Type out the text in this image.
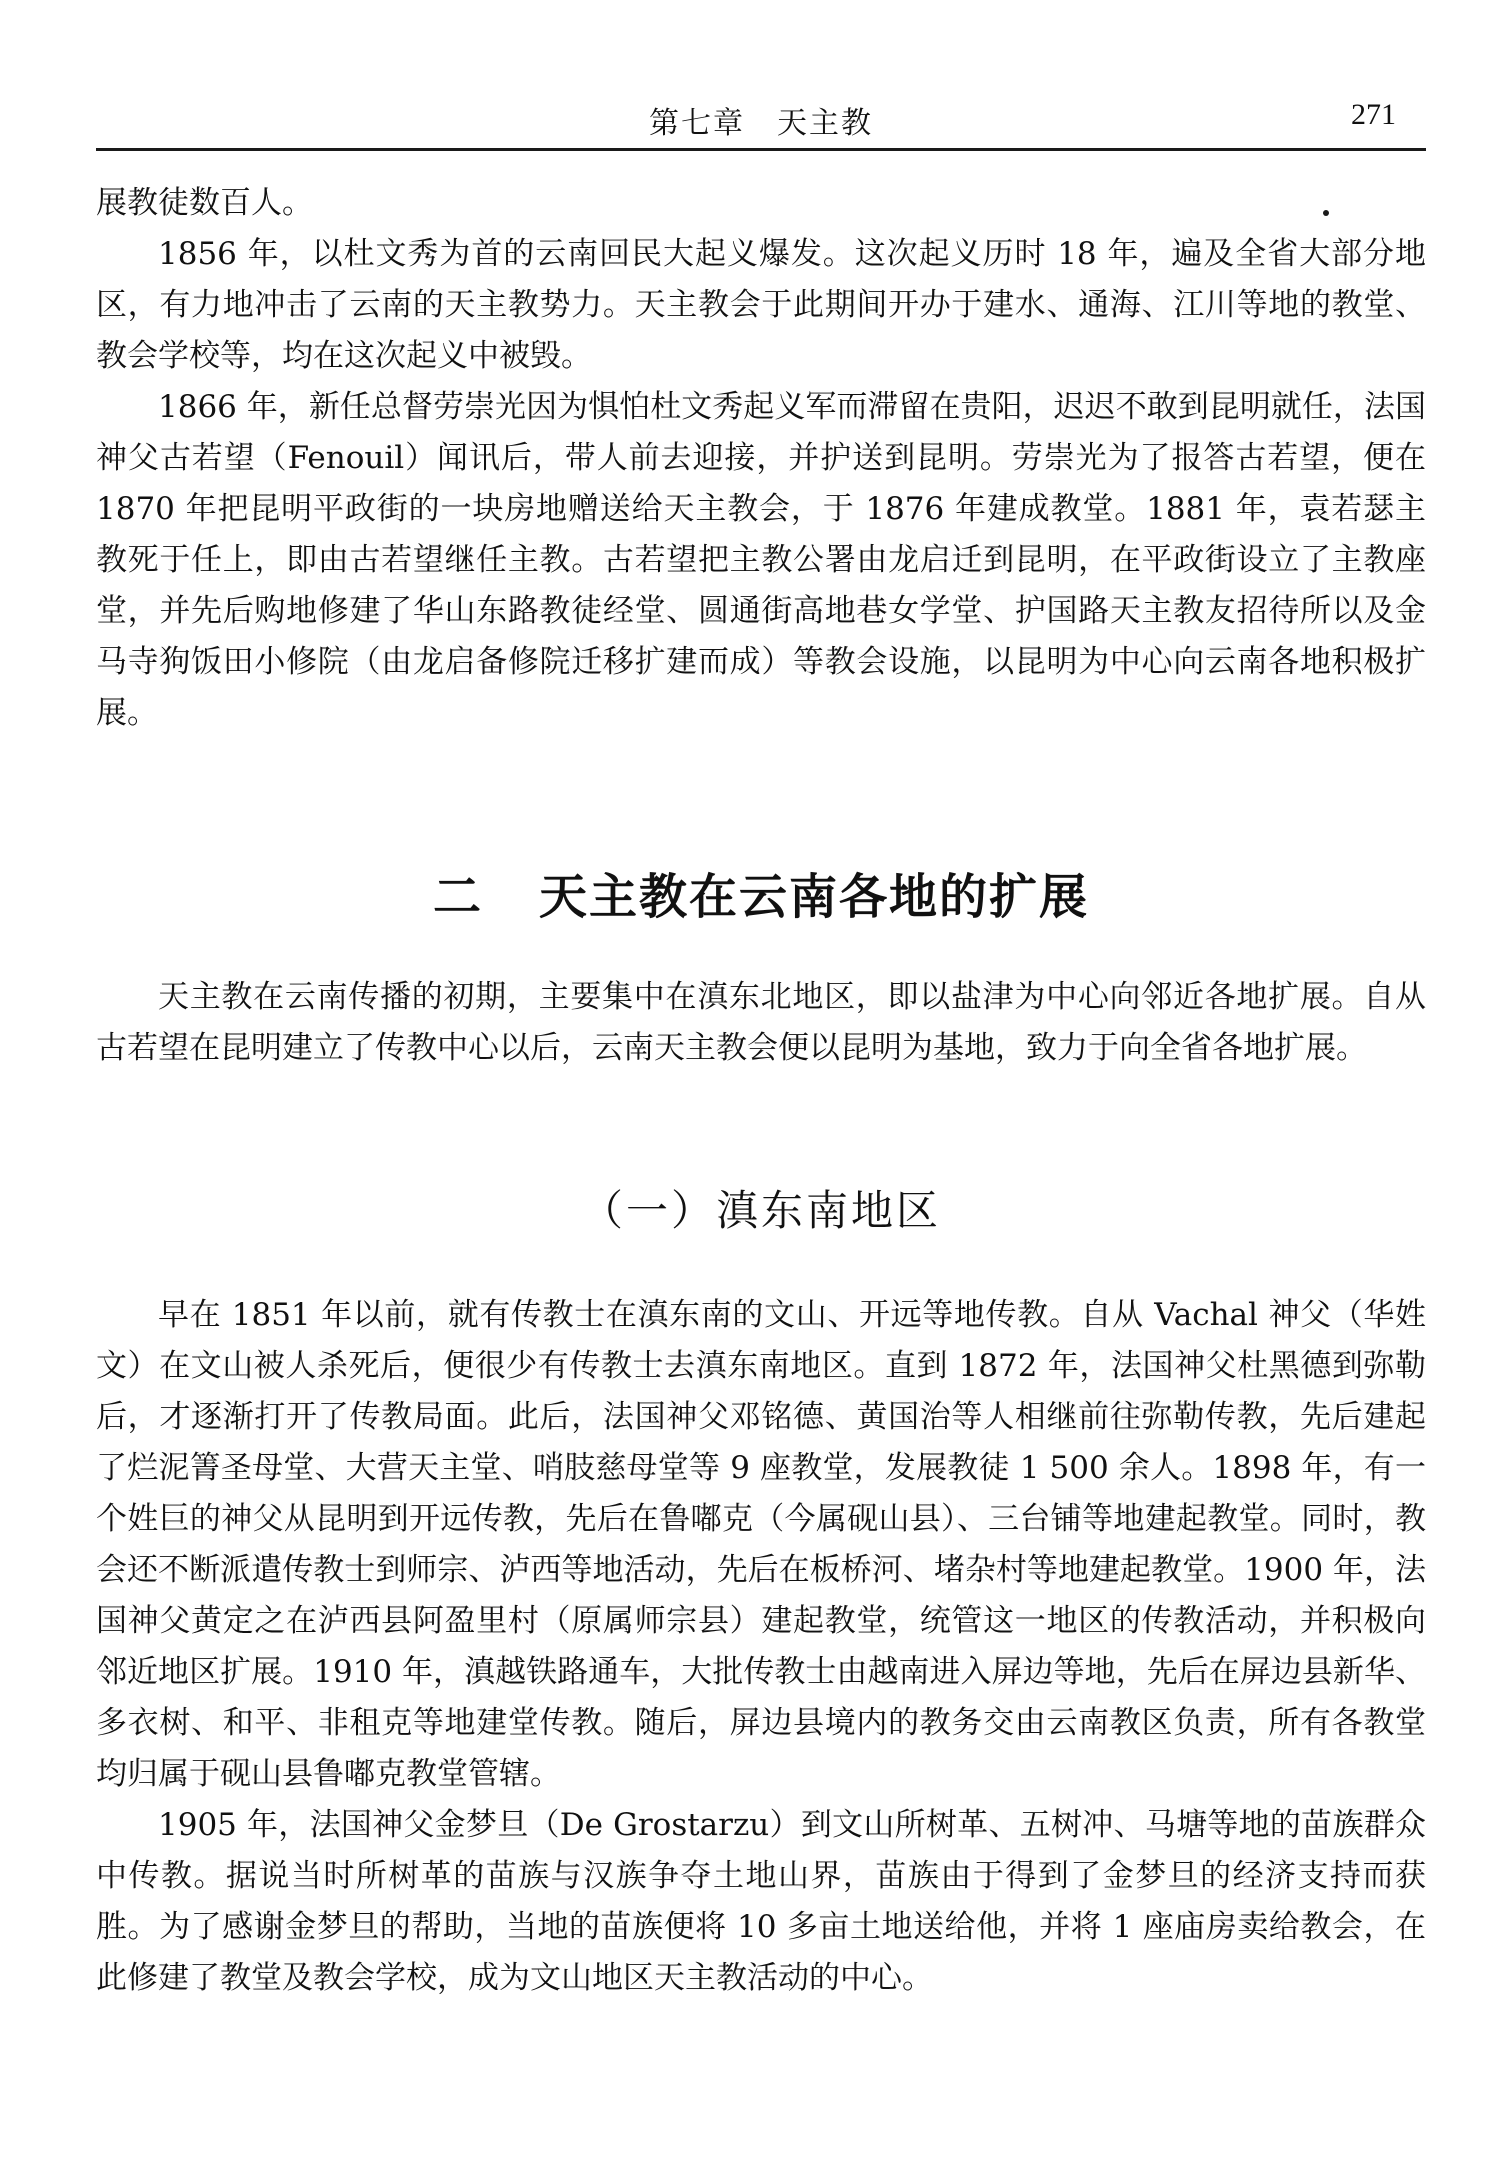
第七章　天主教	271

展教徒数百人。

1856 年，以杜文秀为首的云南回民大起义爆发。这次起义历时 18 年，遍及全省大部分地区，有力地冲击了云南的天主教势力。天主教会于此期间开办于建水、通海、江川等地的教堂、教会学校等，均在这次起义中被毁。

1866 年，新任总督劳崇光因为惧怕杜文秀起义军而滞留在贵阳，迟迟不敢到昆明就任，法国神父古若望（Fenouil）闻讯后，带人前去迎接，并护送到昆明。劳崇光为了报答古若望，便在 1870 年把昆明平政街的一块房地赠送给天主教会，于 1876 年建成教堂。1881 年，袁若瑟主教死于任上，即由古若望继任主教。古若望把主教公署由龙启迁到昆明，在平政街设立了主教座堂，并先后购地修建了华山东路教徒经堂、圆通街高地巷女学堂、护国路天主教友招待所以及金马寺狗饭田小修院（由龙启备修院迁移扩建而成）等教会设施，以昆明为中心向云南各地积极扩展。

二 天主教在云南各地的扩展

天主教在云南传播的初期，主要集中在滇东北地区，即以盐津为中心向邻近各地扩展。自从古若望在昆明建立了传教中心以后，云南天主教会便以昆明为基地，致力于向全省各地扩展。

（一）滇东南地区

早在 1851 年以前，就有传教士在滇东南的文山、开远等地传教。自从 Vachal 神父（华姓文）在文山被人杀死后，便很少有传教士去滇东南地区。直到 1872 年，法国神父杜黑德到弥勒后，才逐渐打开了传教局面。此后，法国神父邓铭德、黄国治等人相继前往弥勒传教，先后建起了烂泥箐圣母堂、大营天主堂、哨肢慈母堂等 9 座教堂，发展教徒 1 500 余人。1898 年，有一个姓巨的神父从昆明到开远传教，先后在鲁嘟克（今属砚山县）、三台铺等地建起教堂。同时，教会还不断派遣传教士到师宗、泸西等地活动，先后在板桥河、堵杂村等地建起教堂。1900 年，法国神父黄定之在泸西县阿盈里村（原属师宗县）建起教堂，统管这一地区的传教活动，并积极向邻近地区扩展。1910 年，滇越铁路通车，大批传教士由越南进入屏边等地，先后在屏边县新华、多衣树、和平、非租克等地建堂传教。随后，屏边县境内的教务交由云南教区负责，所有各教堂均归属于砚山县鲁嘟克教堂管辖。

1905 年，法国神父金梦旦（De Grostarzu）到文山所树革、五树冲、马塘等地的苗族群众中传教。据说当时所树革的苗族与汉族争夺土地山界，苗族由于得到了金梦旦的经济支持而获胜。为了感谢金梦旦的帮助，当地的苗族便将 10 多亩土地送给他，并将 1 座庙房卖给教会，在此修建了教堂及教会学校，成为文山地区天主教活动的中心。
